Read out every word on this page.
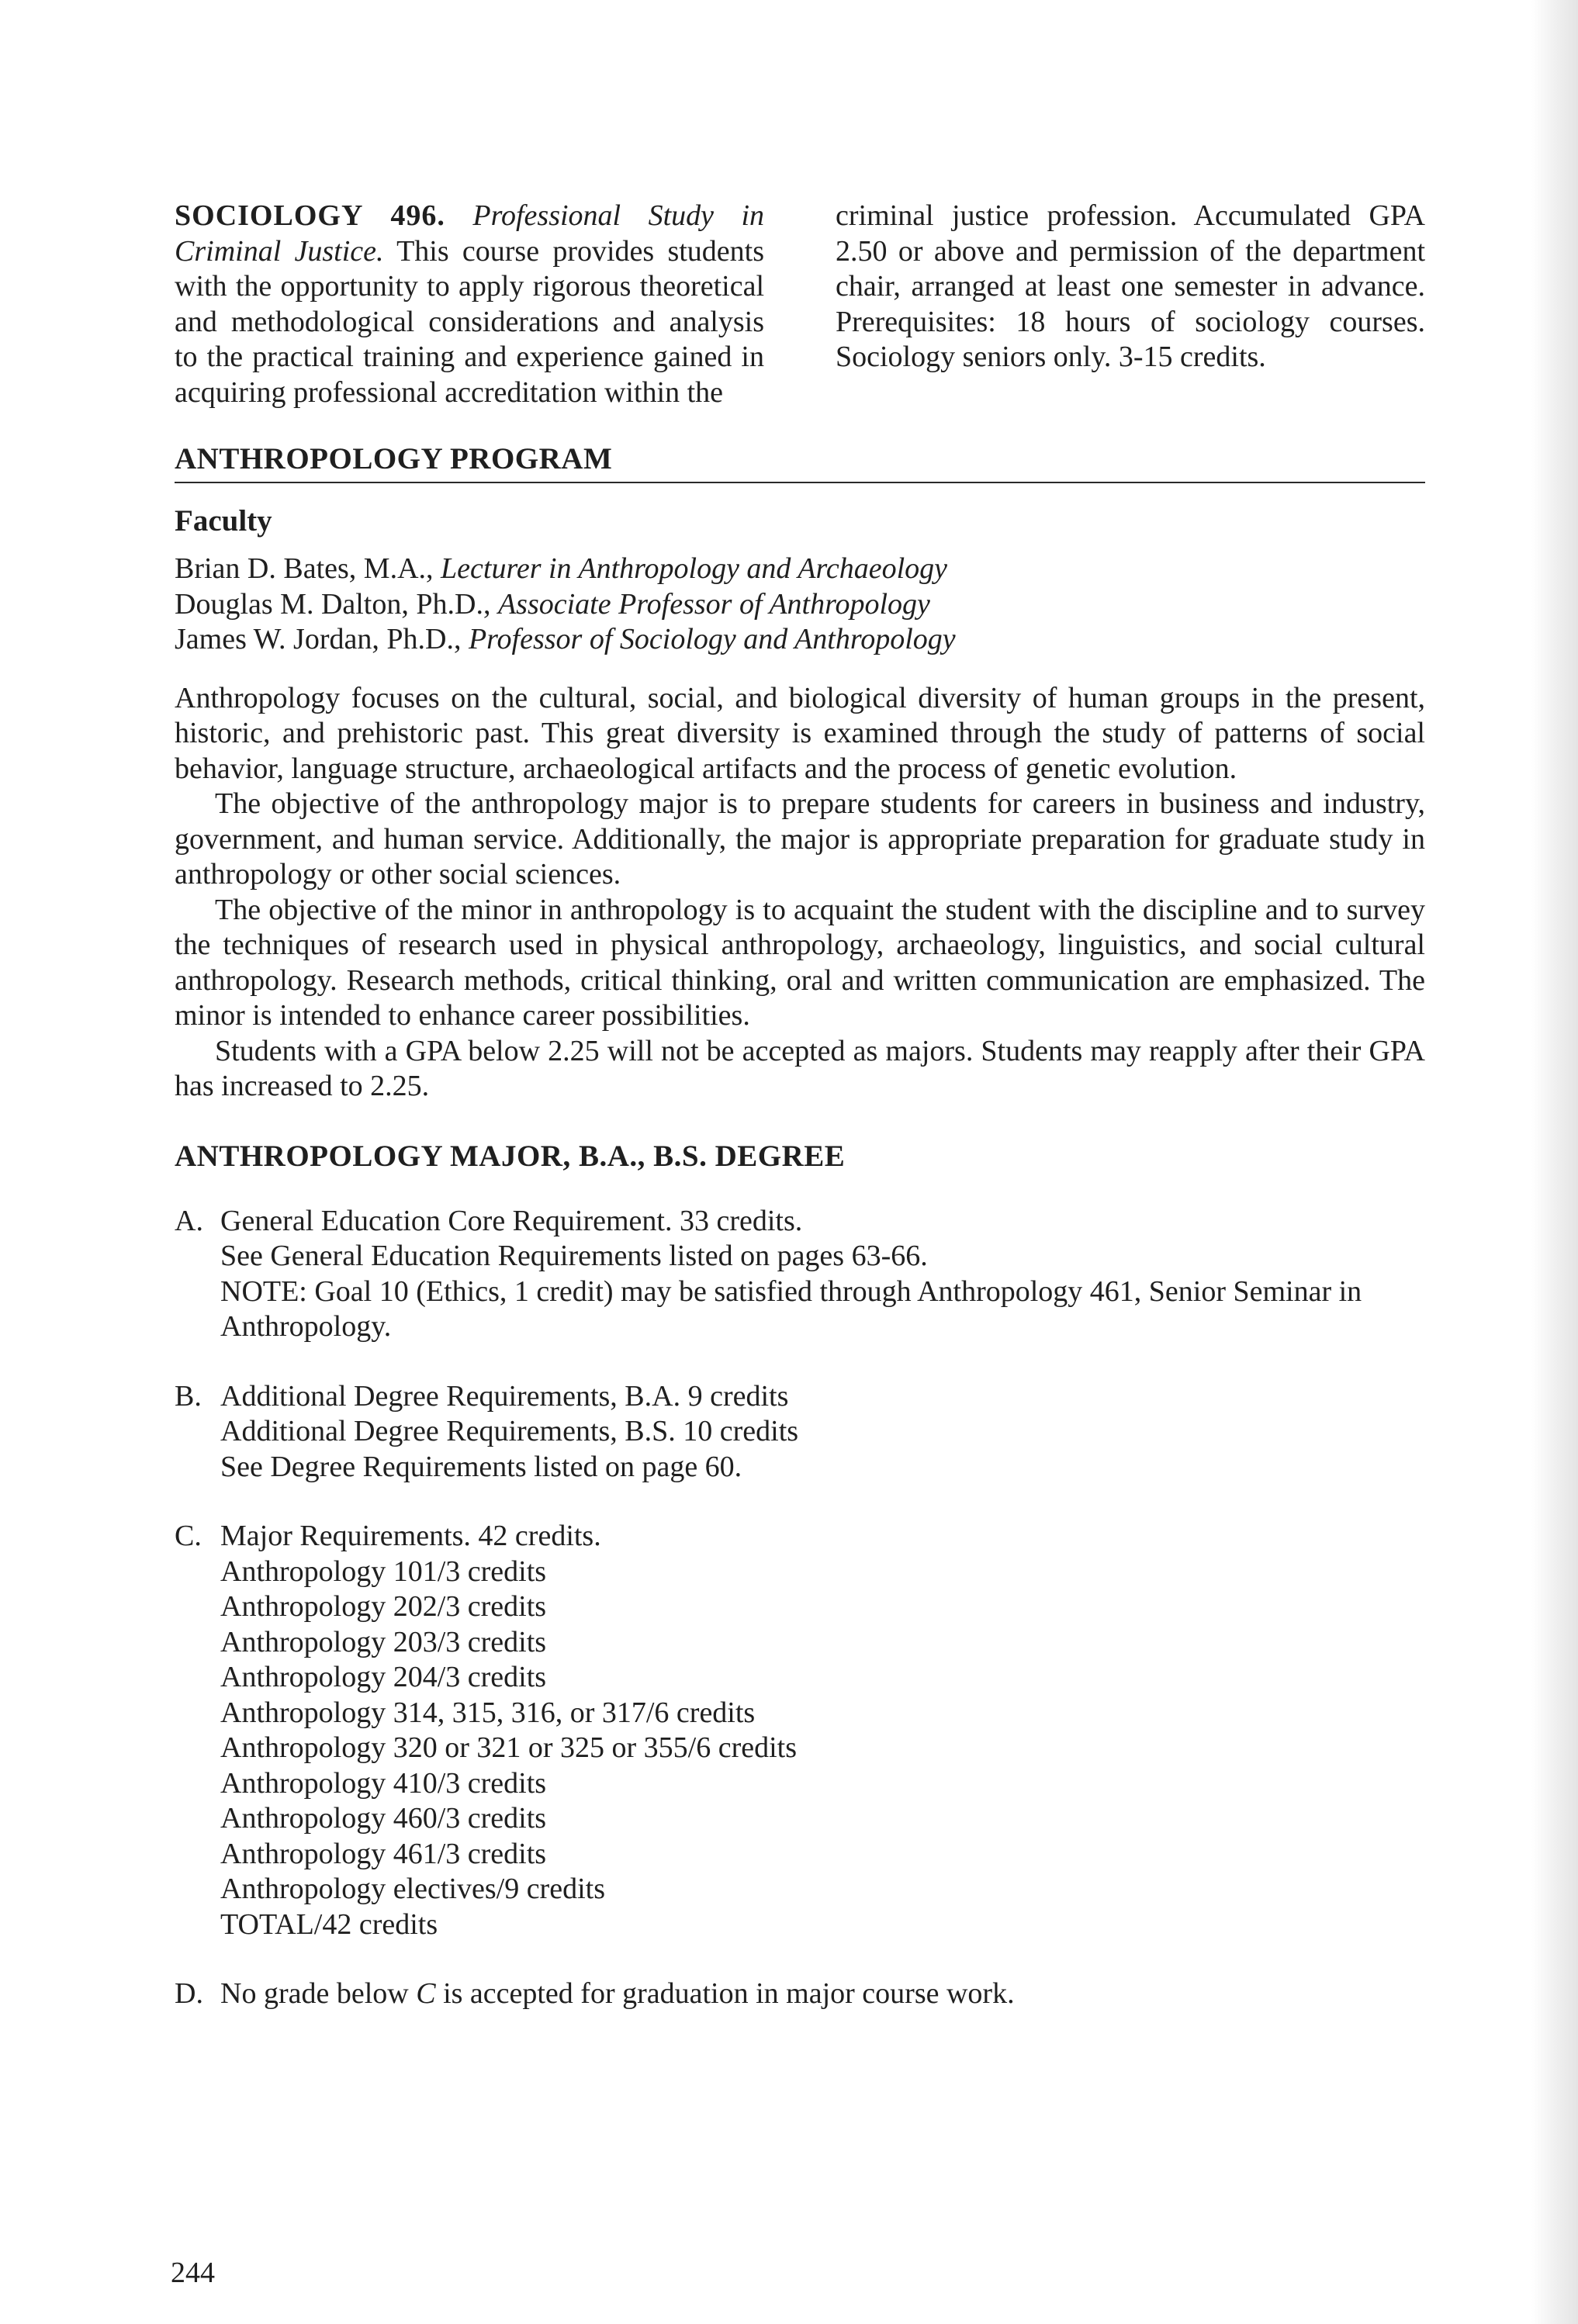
SOCIOLOGY 496. Professional Study in Criminal Justice. This course provides students with the opportunity to apply rigorous theoretical and methodological considerations and analysis to the practical training and experience gained in acquiring professional accreditation within the
criminal justice profession. Accumulated GPA 2.50 or above and permission of the department chair, arranged at least one semester in advance. Prerequisites: 18 hours of sociology courses. Sociology seniors only. 3-15 credits.
ANTHROPOLOGY PROGRAM
Faculty
Brian D. Bates, M.A., Lecturer in Anthropology and Archaeology
Douglas M. Dalton, Ph.D., Associate Professor of Anthropology
James W. Jordan, Ph.D., Professor of Sociology and Anthropology

Anthropology focuses on the cultural, social, and biological diversity of human groups in the present, historic, and prehistoric past. This great diversity is examined through the study of patterns of social behavior, language structure, archaeological artifacts and the process of genetic evolution.

The objective of the anthropology major is to prepare students for careers in business and industry, government, and human service. Additionally, the major is appropriate preparation for graduate study in anthropology or other social sciences.

The objective of the minor in anthropology is to acquaint the student with the discipline and to survey the techniques of research used in physical anthropology, archaeology, linguistics, and social cultural anthropology. Research methods, critical thinking, oral and written communication are emphasized. The minor is intended to enhance career possibilities.

Students with a GPA below 2.25 will not be accepted as majors. Students may reapply after their GPA has increased to 2.25.

ANTHROPOLOGY MAJOR, B.A., B.S. DEGREE
A. General Education Core Requirement. 33 credits.
See General Education Requirements listed on pages 63-66.
NOTE: Goal 10 (Ethics, 1 credit) may be satisfied through Anthropology 461, Senior Seminar in Anthropology.
B. Additional Degree Requirements, B.A. 9 credits
Additional Degree Requirements, B.S. 10 credits
See Degree Requirements listed on page 60.
C. Major Requirements. 42 credits.
Anthropology 101/3 credits
Anthropology 202/3 credits
Anthropology 203/3 credits
Anthropology 204/3 credits
Anthropology 314, 315, 316, or 317/6 credits
Anthropology 320 or 321 or 325 or 355/6 credits
Anthropology 410/3 credits
Anthropology 460/3 credits
Anthropology 461/3 credits
Anthropology electives/9 credits
TOTAL/42 credits
D. No grade below C is accepted for graduation in major course work.
244
